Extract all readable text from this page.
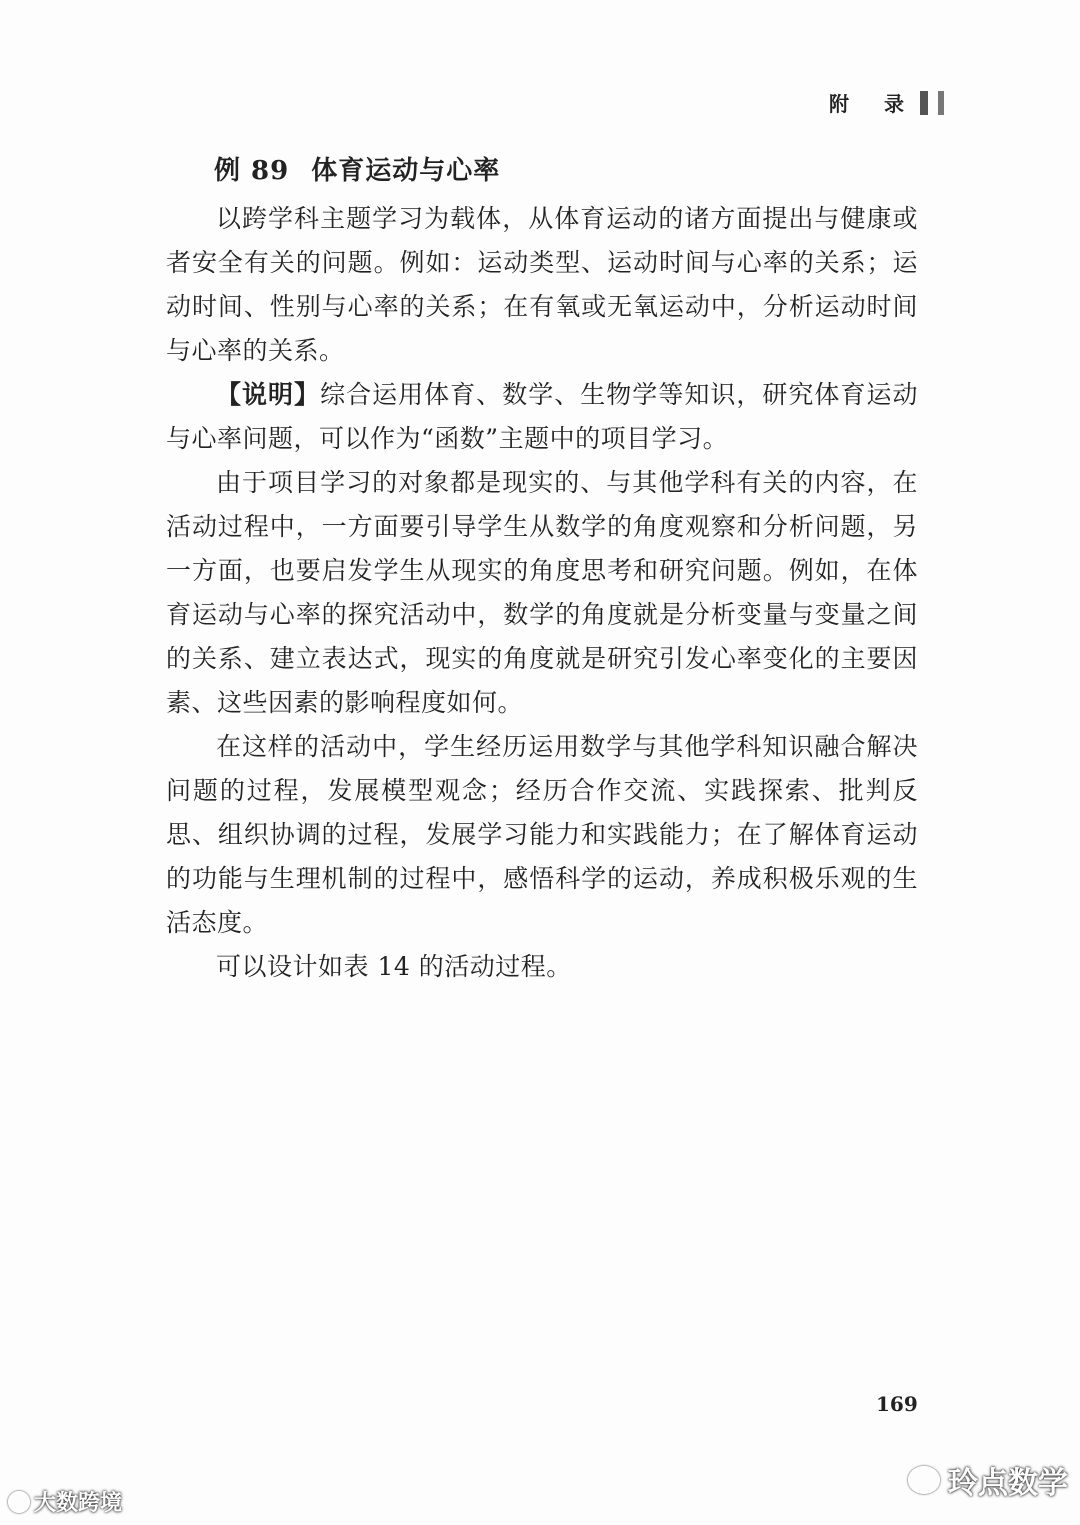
附 录
例 89 体育运动与心率

以跨学科主题学习为载体，从体育运动的诸方面提出与健康或者安全有关的问题。例如：运动类型、运动时间与心率的关系；运动时间、性别与心率的关系；在有氧或无氧运动中，分析运动时间与心率的关系。

【说明】综合运用体育、数学、生物学等知识，研究体育运动与心率问题，可以作为“函数”主题中的项目学习。

由于项目学习的对象都是现实的、与其他学科有关的内容，在活动过程中，一方面要引导学生从数学的角度观察和分析问题，另一方面，也要启发学生从现实的角度思考和研究问题。例如，在体育运动与心率的探究活动中，数学的角度就是分析变量与变量之间的关系、建立表达式，现实的角度就是研究引发心率变化的主要因素、这些因素的影响程度如何。

在这样的活动中，学生经历运用数学与其他学科知识融合解决问题的过程，发展模型观念；经历合作交流、实践探索、批判反思、组织协调的过程，发展学习能力和实践能力；在了解体育运动的功能与生理机制的过程中，感悟科学的运动，养成积极乐观的生活态度。

可以设计如表 14 的活动过程。

169
玲点数学
大数跨境
